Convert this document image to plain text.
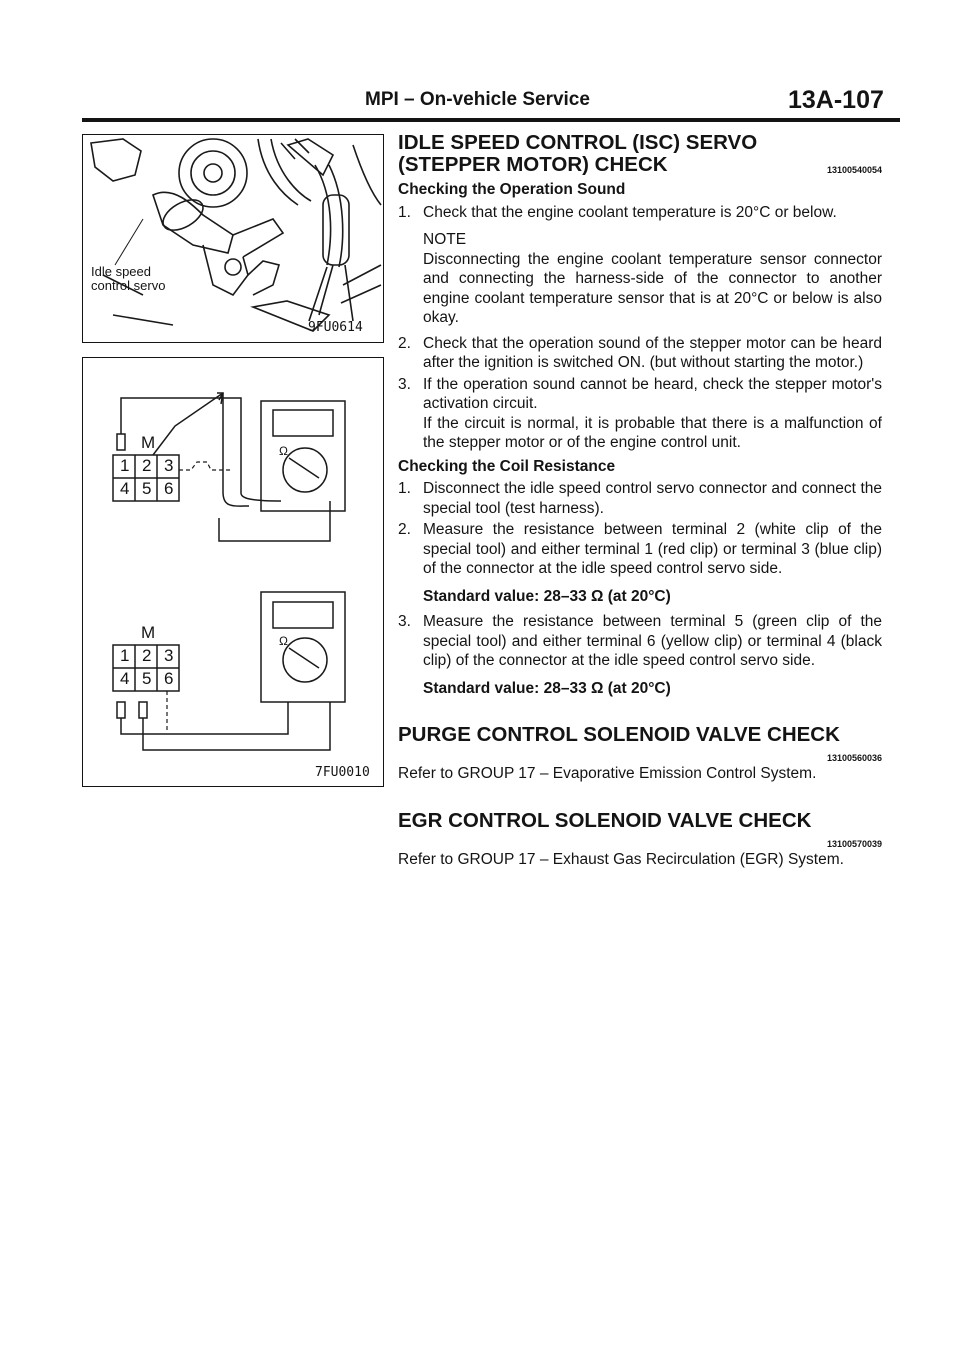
MPI – On-vehicle Service	13A-107
Idle speed
control servo
9FU0614
M
1 2 3
4 5 6
Ω
M
1 2 3
4 5 6
Ω
7FU0010
IDLE SPEED CONTROL (ISC) SERVO
(STEPPER MOTOR) CHECK	13100540054
Checking the Operation Sound
1. Check that the engine coolant temperature is 20°C or below.

NOTE

Disconnecting the engine coolant temperature sensor connector and connecting the harness-side of the connector to another engine coolant temperature sensor that is at 20°C or below is also okay.

2. Check that the operation sound of the stepper motor can be heard after the ignition is switched ON. (but without starting the motor.)

3. If the operation sound cannot be heard, check the stepper motor's activation circuit.

If the circuit is normal, it is probable that there is a malfunction of the stepper motor or of the engine control unit.

Checking the Coil Resistance
1. Disconnect the idle speed control servo connector and connect the special tool (test harness).

2. Measure the resistance between terminal 2 (white clip of the special tool) and either terminal 1 (red clip) or terminal 3 (blue clip) of the connector at the idle speed control servo side.

Standard value: 28–33 Ω (at 20°C)

3. Measure the resistance between terminal 5 (green clip of the special tool) and either terminal 6 (yellow clip) or terminal 4 (black clip) of the connector at the idle speed control servo side.

Standard value: 28–33 Ω (at 20°C)

PURGE CONTROL SOLENOID VALVE CHECK
13100560036

Refer to GROUP 17 – Evaporative Emission Control System.

EGR CONTROL SOLENOID VALVE CHECK
13100570039

Refer to GROUP 17 – Exhaust Gas Recirculation (EGR) System.
